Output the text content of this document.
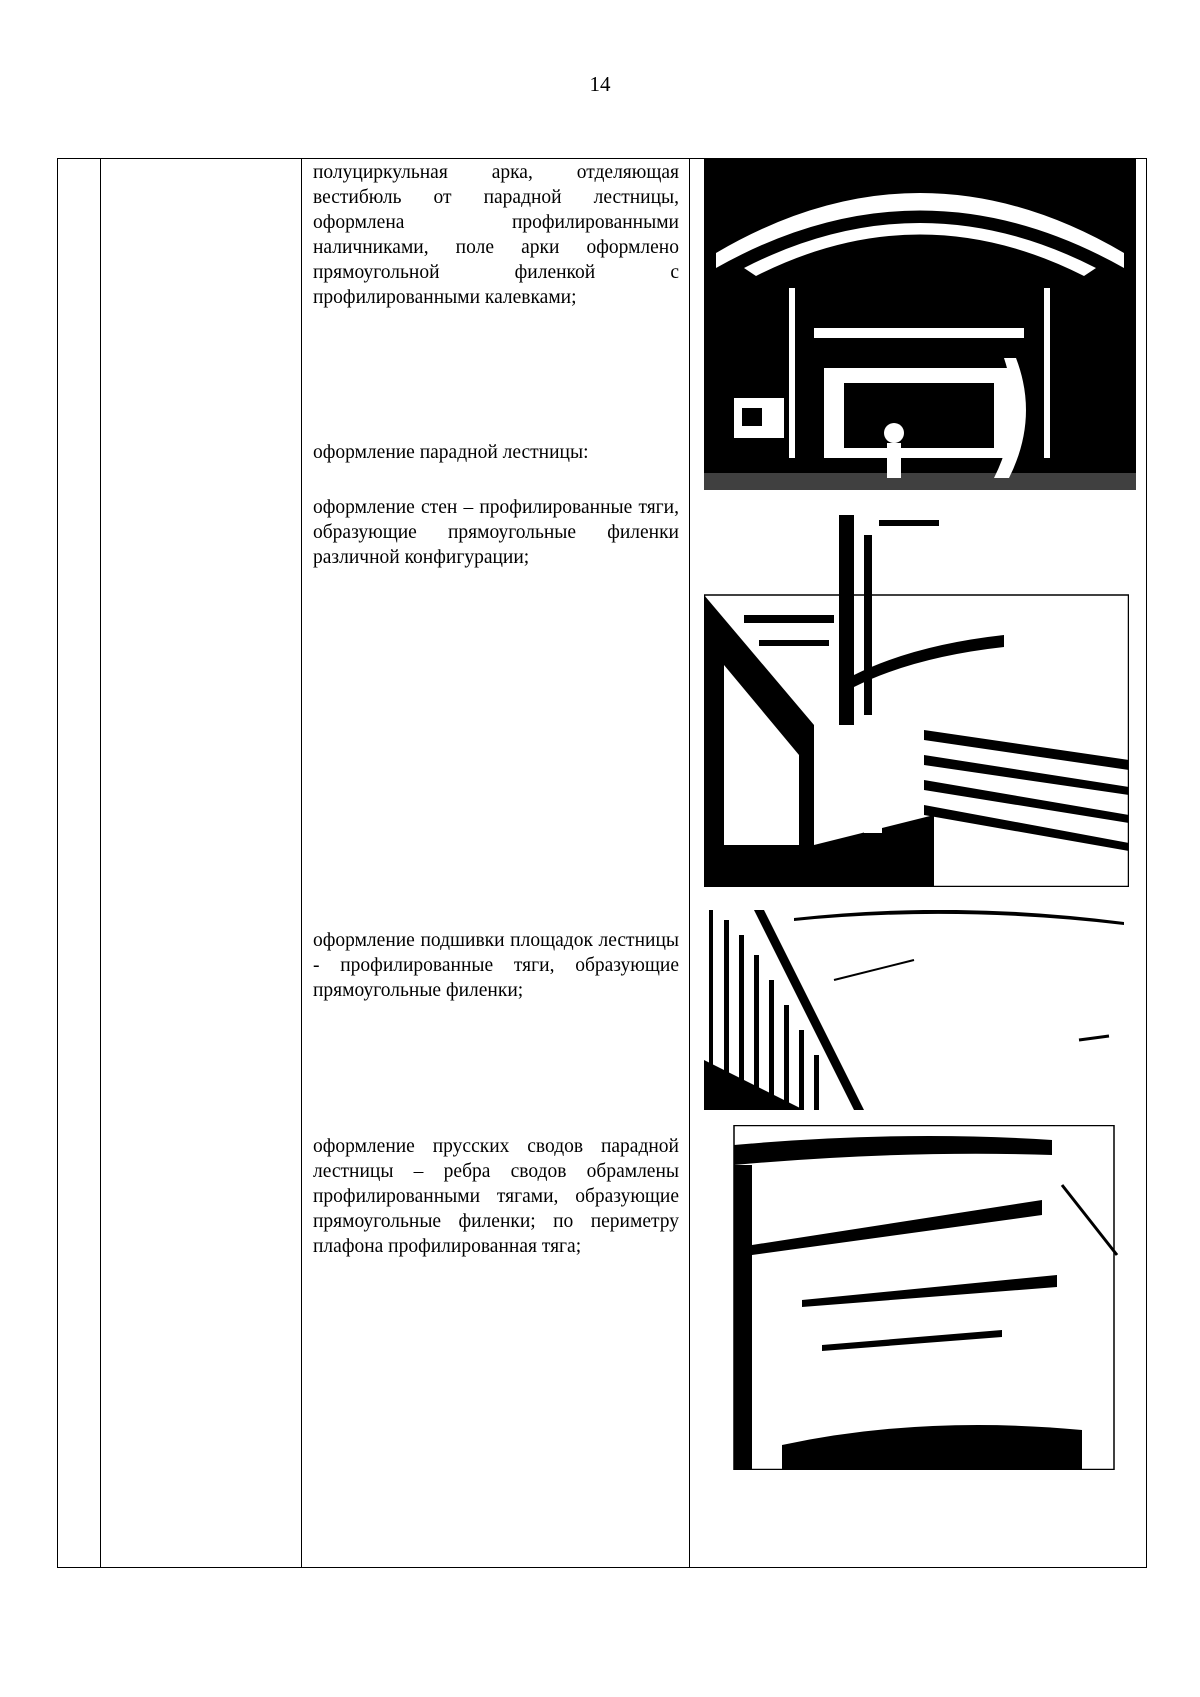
14
полуциркульная арка, отделяющая вестибюль от парадной лестницы, оформлена профилированными наличниками, поле арки оформлено прямоугольной филенкой с профилированными калевками;
оформление парадной лестницы:
оформление стен – профилированные тяги, образующие прямоугольные филенки различной конфигурации;
оформление подшивки площадок лестницы - профилированные тяги, образующие прямоугольные филенки;
оформление прусских сводов парадной лестницы – ребра сводов обрамлены профилированными тягами, образующие прямоугольные филенки; по периметру плафона профилированная тяга;
